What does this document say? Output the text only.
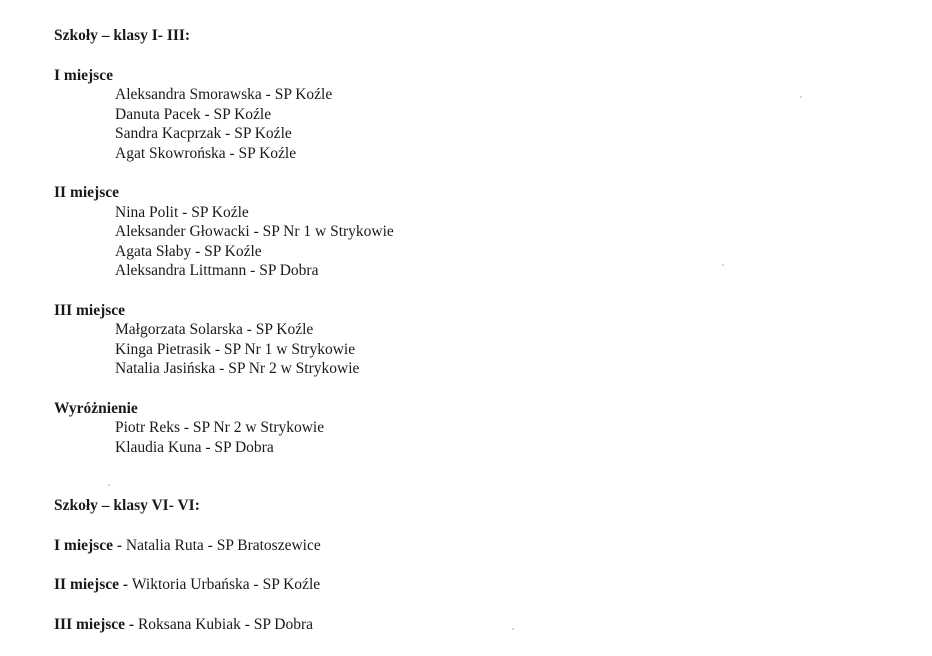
Szkoły – klasy I- III:
I miejsce
Aleksandra Smorawska - SP Koźle
Danuta Pacek - SP Koźle
Sandra Kacprzak - SP Koźle
Agat Skowrońska - SP Koźle
II miejsce
Nina Polit - SP Koźle
Aleksander Głowacki - SP Nr 1 w Strykowie
Agata Słaby - SP Koźle
Aleksandra Littmann - SP Dobra
III miejsce
Małgorzata Solarska - SP Koźle
Kinga Pietrasik - SP Nr 1 w Strykowie
Natalia Jasińska - SP Nr 2 w Strykowie
Wyróżnienie
Piotr Reks - SP Nr 2 w Strykowie
Klaudia Kuna - SP Dobra
Szkoły – klasy VI- VI:
I miejsce - Natalia Ruta - SP Bratoszewice
II miejsce - Wiktoria Urbańska - SP Koźle
III miejsce - Roksana Kubiak - SP Dobra
